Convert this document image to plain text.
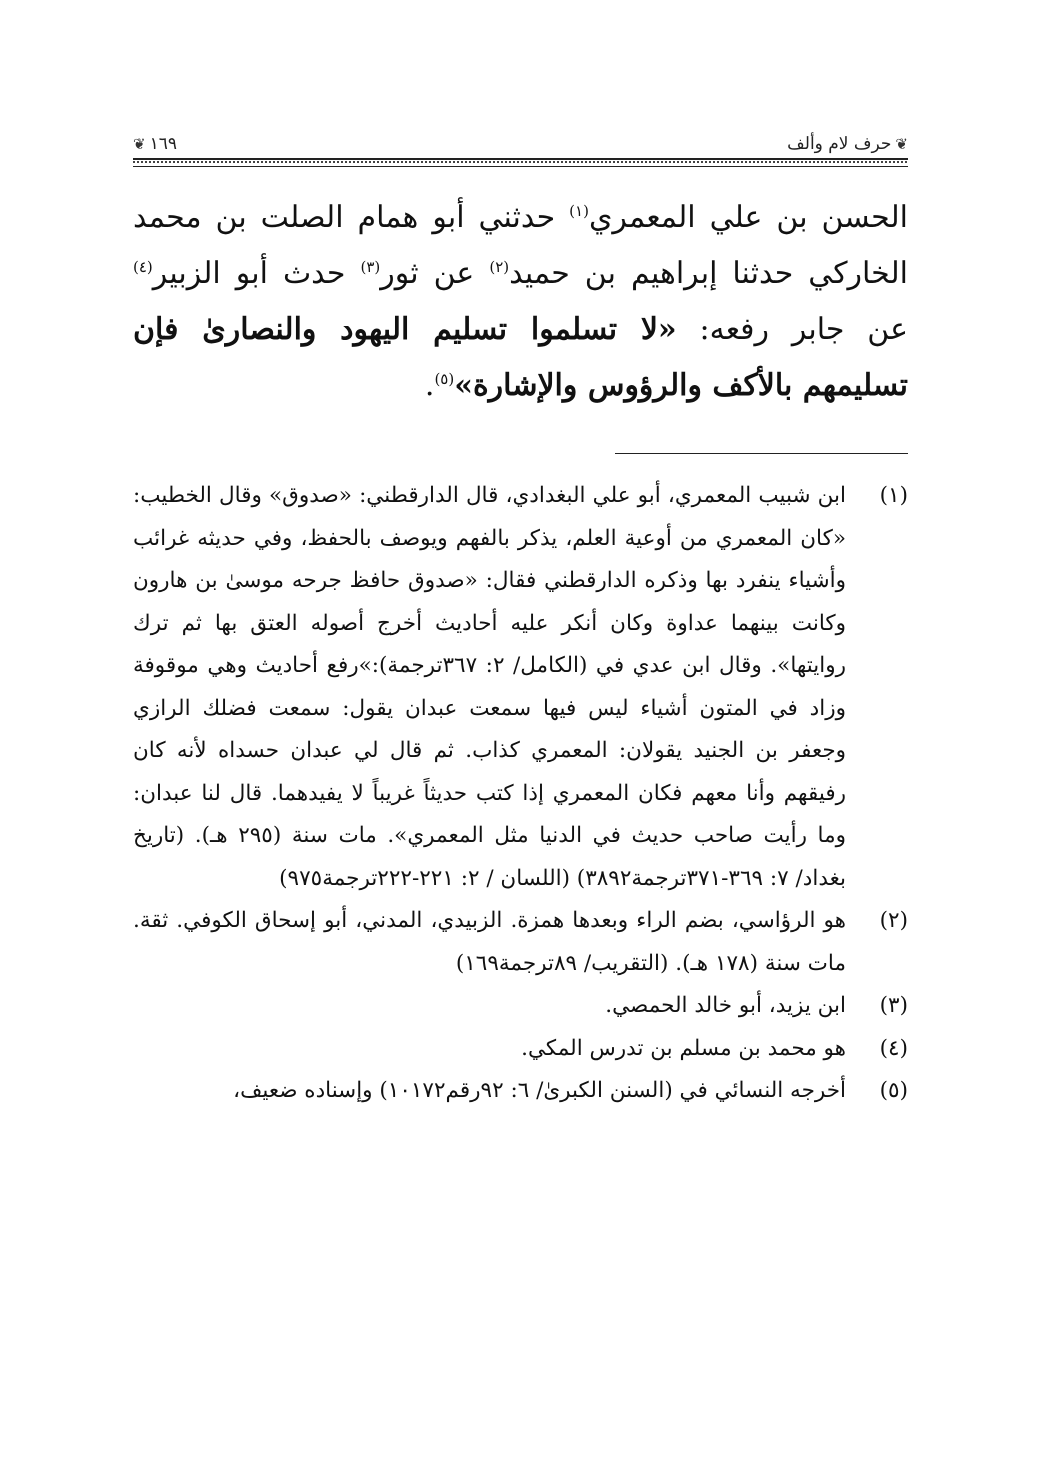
❦
حرف لام وألف
١٦٩
❦
الحسن بن علي المعمري$^{(١)}$ حدثني أبو همام الصلت بن محمد الخاركي حدثنا إبراهيم بن حميد$^{(٢)}$ عن ثور$^{(٣)}$ حدث أبو الزبير$^{(٤)}$ عن جابر رفعه: «لا تسلموا تسليم اليهود والنصارىٰ فإن تسليمهم بالأكف والرؤوس والإشارة»$^{(٥)}$.
(١)
ابن شبيب المعمري، أبو علي البغدادي، قال الدارقطني: «صدوق» وقال الخطيب: «كان المعمري من أوعية العلم، يذكر بالفهم ويوصف بالحفظ، وفي حديثه غرائب وأشياء ينفرد بها وذكره الدارقطني فقال: «صدوق حافظ جرحه موسىٰ بن هارون وكانت بينهما عداوة وكان أنكر عليه أحاديث أخرج أصوله العتق بها ثم ترك روايتها». وقال ابن عدي في (الكامل/ ٢: ٣٦٧ترجمة):»رفع أحاديث وهي موقوفة وزاد في المتون أشياء ليس فيها سمعت عبدان يقول: سمعت فضلك الرازي وجعفر بن الجنيد يقولان: المعمري كذاب. ثم قال لي عبدان حسداه لأنه كان رفيقهم وأنا معهم فكان المعمري إذا كتب حديثاً غريباً لا يفيدهما. قال لنا عبدان: وما رأيت صاحب حديث في الدنيا مثل المعمري». مات سنة (٢٩٥ هـ). (تاريخ بغداد/ ٧: ٣٦٩-٣٧١ترجمة٣٨٩٢) (اللسان / ٢: ٢٢١-٢٢٢ترجمة٩٧٥)
(٢)
هو الرؤاسي، بضم الراء وبعدها همزة. الزبيدي، المدني، أبو إسحاق الكوفي. ثقة. مات سنة (١٧٨ هـ). (التقريب/ ٨٩ترجمة١٦٩)
(٣)
ابن يزيد، أبو خالد الحمصي.
(٤)
هو محمد بن مسلم بن تدرس المكي.
(٥)
أخرجه النسائي في (السنن الكبرىٰ/ ٦: ٩٢رقم١٠١٧٢) وإسناده ضعيف،
